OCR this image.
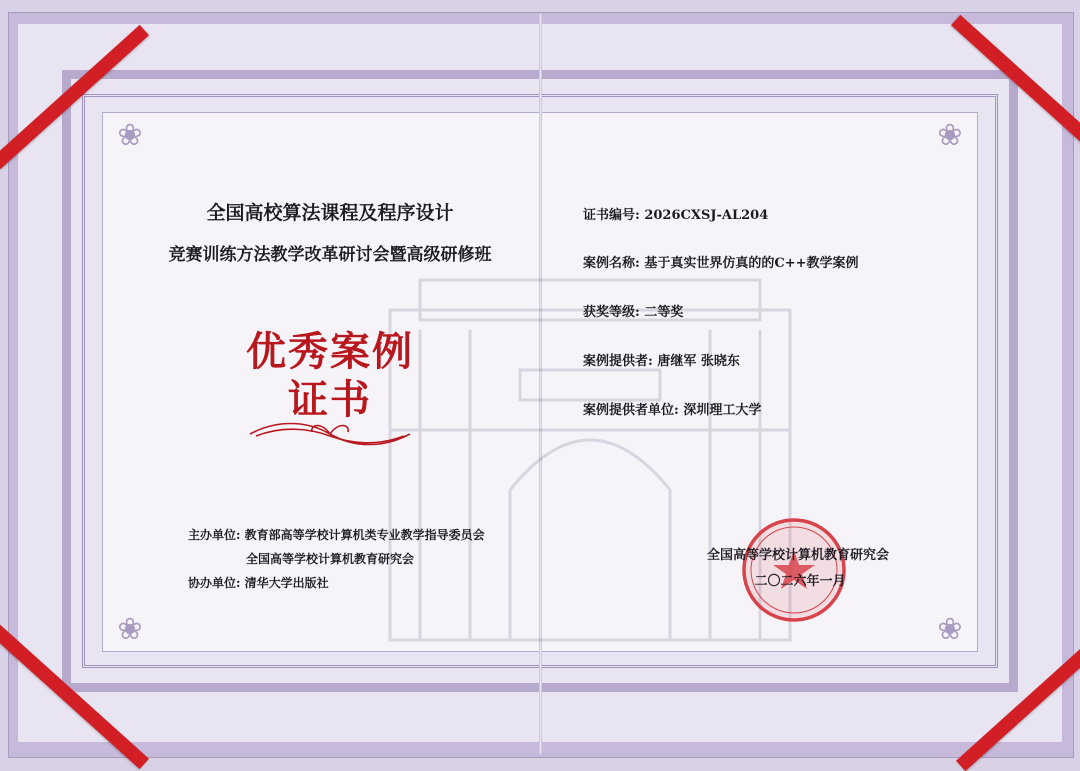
❀	❀
❀	❀
全国高校算法课程及程序设计
竞赛训练方法教学改革研讨会暨高级研修班
优秀案例
证书
主办单位: 教育部高等学校计算机类专业教学指导委员会
全国高等学校计算机教育研究会
协办单位: 清华大学出版社
证书编号: 2026CXSJ-AL204
案例名称: 基于真实世界仿真的的C++教学案例
获奖等级: 二等奖
案例提供者: 唐继军 张晓东
案例提供者单位: 深圳理工大学
全国高等学校计算机教育研究会
二〇二六年一月
